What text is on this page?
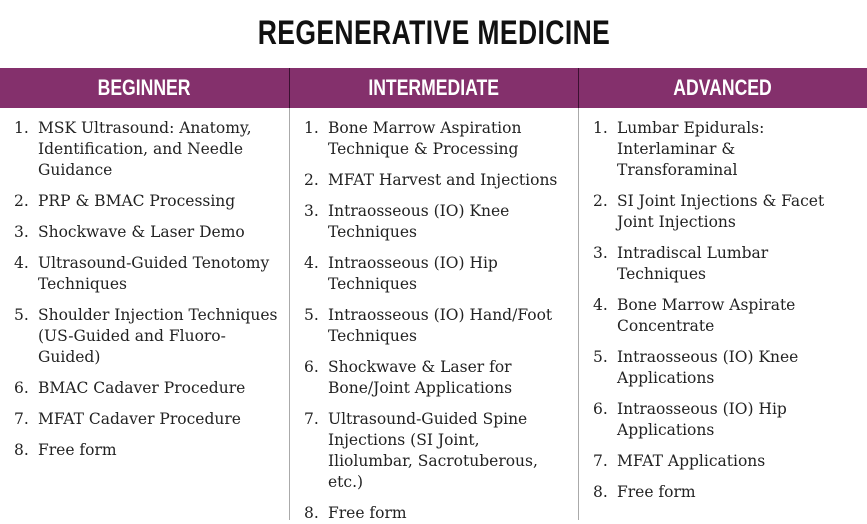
REGENERATIVE MEDICINE
BEGINNER
1. MSK Ultrasound: Anatomy, Identification, and Needle Guidance
2. PRP & BMAC Processing
3. Shockwave & Laser Demo
4. Ultrasound-Guided Tenotomy Techniques
5. Shoulder Injection Techniques (US-Guided and Fluoro-Guided)
6. BMAC Cadaver Procedure
7. MFAT Cadaver Procedure
8. Free form
INTERMEDIATE
1. Bone Marrow Aspiration Technique & Processing
2. MFAT Harvest and Injections
3. Intraosseous (IO) Knee Techniques
4. Intraosseous (IO) Hip Techniques
5. Intraosseous (IO) Hand/Foot Techniques
6. Shockwave & Laser for Bone/Joint Applications
7. Ultrasound-Guided Spine Injections (SI Joint, Iliolumbar, Sacrotuberous, etc.)
8. Free form
ADVANCED
1. Lumbar Epidurals: Interlaminar & Transforaminal
2. SI Joint Injections & Facet Joint Injections
3. Intradiscal Lumbar Techniques
4. Bone Marrow Aspirate Concentrate
5. Intraosseous (IO) Knee Applications
6. Intraosseous (IO) Hip Applications
7. MFAT Applications
8. Free form
